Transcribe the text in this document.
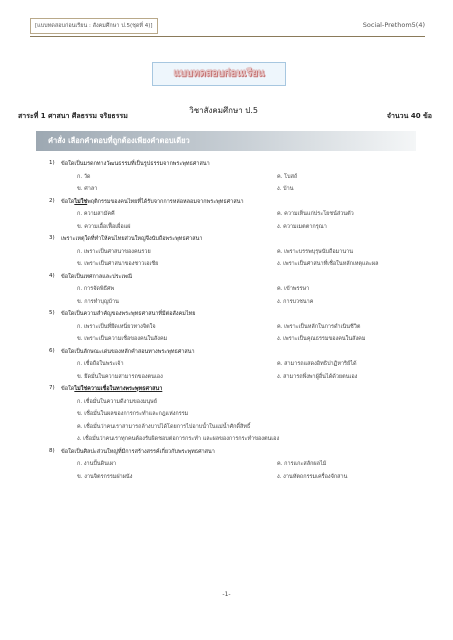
[แบบทดสอบก่อนเรียน : สังคมศึกษา ป.5(ชุดที่ 4)]	Social-Prethom5(4)
แบบทดสอบก่อนเรียน
วิชาสังคมศึกษา ป.5
สาระที่ 1 ศาสนา ศีลธรรม จริยธรรม	จำนวน 40 ข้อ
คำสั่ง เลือกคำตอบที่ถูกต้องเพียงคำตอบเดียว
1)	ข้อใดเป็นมรดกทางวัฒนธรรมที่เป็นรูปธรรมจากพระพุทธศาสนา
ก. วัด	ค. โบสถ์
ข. ศาลา	ง. บ้าน
2)	ข้อใดไม่ใช่พฤติกรรมของคนไทยที่ได้รับจากการหล่อหลอมจากพระพุทธศาสนา
ก. ความสามัคคี	ค. ความเห็นแก่ประโยชน์ส่วนตัว
ข. ความเอื้อเฟื้อเผื่อแผ่	ง. ความเมตตากรุณา
3)	เพราะเหตุใดที่ทำให้คนไทยส่วนใหญ่จึงนับถือพระพุทธศาสนา
ก. เพราะเป็นศาสนาของคนรวย	ค. เพราะบรรพบุรุษนับถือมานาน
ข. เพราะเป็นศาสนาของชาวเอเชีย	ง. เพราะเป็นศาสนาที่เชื่อในหลักเหตุและผล
4)	ข้อใดเป็นเทศกาลและประเพณี
ก. การจัดพิธีศพ	ค. เข้าพรรษา
ข. การทำบุญบ้าน	ง. การบวชนาค
5)	ข้อใดเป็นความสำคัญของพระพุทธศาสนาที่มีต่อสังคมไทย
ก. เพราะเป็นที่ยึดเหนี่ยวทางจิตใจ	ค. เพราะเป็นหลักในการดำเนินชีวิต
ข. เพราะเป็นความเชื่อของคนในสังคม	ง. เพราะเป็นคุณธรรมของคนในสังคม
6)	ข้อใดเป็นลักษณะเด่นของหลักคำสอนทางพระพุทธศาสนา
ก. เชื่อถือในพระเจ้า	ค. สามารถแสดงอิทธิปาฏิหาริย์ได้
ข. ยึดมั่นในความสามารถของตนเอง	ง. สามารถพึ่งพาผู้อื่นได้ด้วยตนเอง
7)	ข้อใดไม่ใช่ความเชื่อในทางพระพุทธศาสนา
ก. เชื่อมั่นในความดีงามของมนุษย์
ข. เชื่อมั่นในผลของการกระทำและกฎแห่งกรรม
ค. เชื่อมั่นว่าคนเราสามารถล้างบาปได้โดยการไปอาบน้ำในแม่น้ำศักดิ์สิทธิ์
ง. เชื่อมั่นว่าคนเราทุกคนต้องรับผิดชอบต่อการกระทำ และผลของการกระทำของตนเอง
8)	ข้อใดเป็นศิลปะส่วนใหญ่ที่มีการสร้างสรรค์เกี่ยวกับพระพุทธศาสนา
ก. งานปั้นดินเผา	ค. การแกะสลักผลไม้
ข. งานจิตรกรรมฝาผนัง	ง. งานหัตถกรรมเครื่องจักสาน
-1-
